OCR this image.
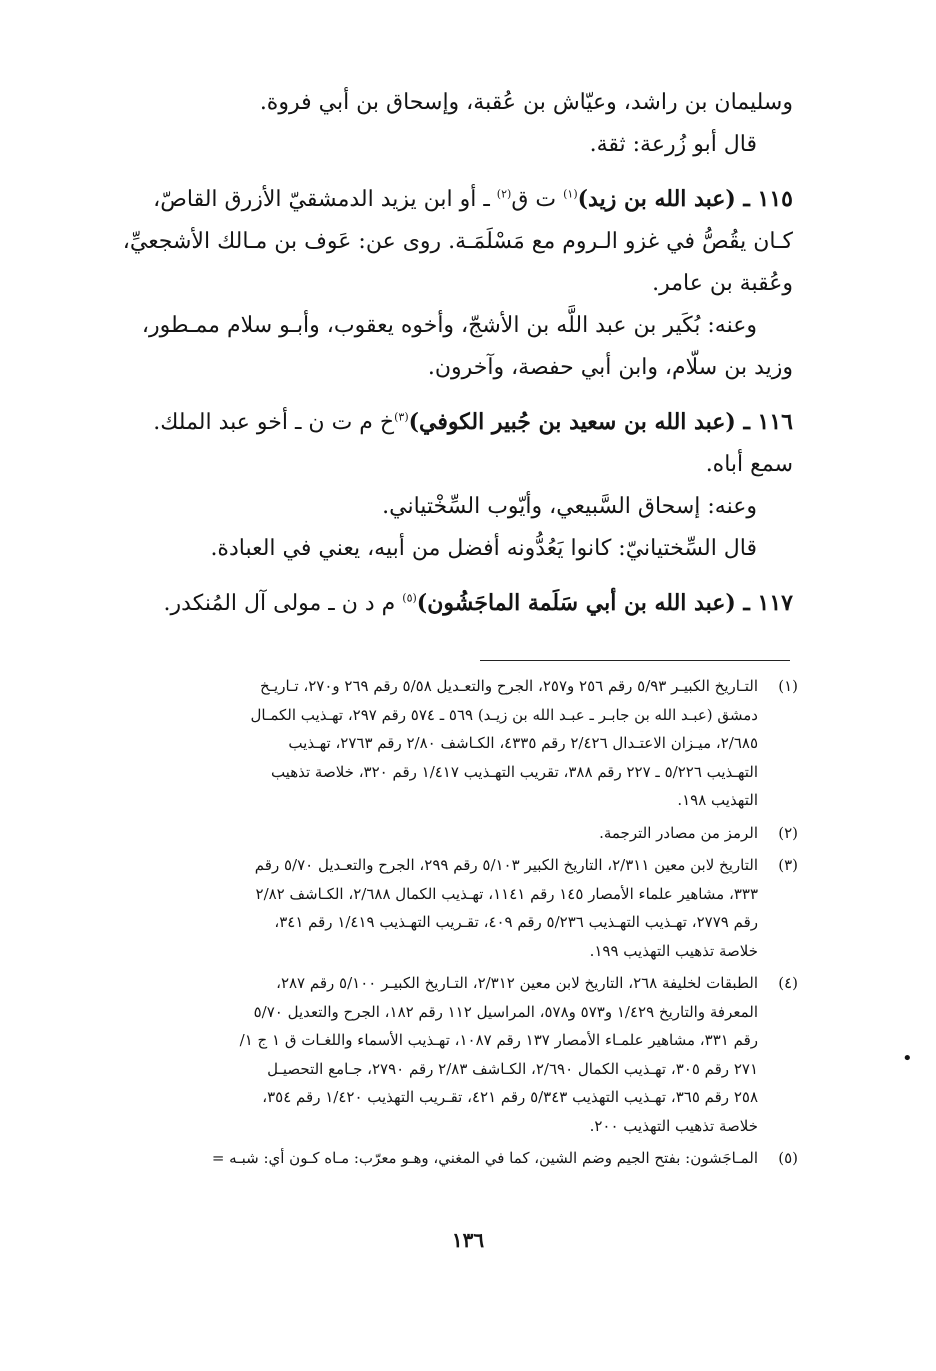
وسليمان بن راشد، وعيّاش بن عُقبة، وإسحاق بن أبي فروة.
قال أبو زُرعة: ثقة.
١١٥ ـ (عبد الله بن زيد)$^{(١)}$ ت ق$^{(٢)}$ ـ أو ابن يزيد الدمشقيّ الأزرق القاصّ،
كـان يقُصُّ في غزو الـروم مع مَسْلَمَـة. روى عن: عَوف بن مـالك الأشجعيِّ،
وعُقبة بن عامر.
وعنه: بُكَير بن عبد اللَّه بن الأشجّ، وأخوه يعقوب، وأبـو سلام ممـطور،
وزيد بن سلّام، وابن أبي حفصة، وآخرون.
١١٦ ـ (عبد الله بن سعيد بن جُبير الكوفي)$^{(٣)}$خ م ت ن ـ أخو عبد الملك.
سمع أباه.
وعنه: إسحاق السَّبيعي، وأيّوب السِّخْتياني.
قال السِّختيانيّ: كانوا يَعُدُّونه أفضل من أبيه، يعني في العبادة.
١١٧ ـ (عبد الله بن أبي سَلَمة الماجَشُون)$^{(٥)}$ م د ن ـ مولى آل المُنكدر.
(١)
التـاريخ الكبيـر ٥/٩٣ رقم ٢٥٦ و٢٥٧، الجرح والتعـديل ٥/٥٨ رقم ٢٦٩ و٢٧٠، تـاريـخ
دمشق (عبـد الله بن جابـر ـ عبـد الله بن زيـد) ٥٦٩ ـ ٥٧٤ رقم ٢٩٧، تهـذيب الكمـال
٢/٦٨٥، ميـزان الاعتـدال ٢/٤٢٦ رقم ٤٣٣٥، الكـاشف ٢/٨٠ رقم ٢٧٦٣، تهـذيب
التهـذيب ٥/٢٢٦ ـ ٢٢٧ رقم ٣٨٨، تقريب التهـذيب ١/٤١٧ رقم ٣٢٠، خلاصة تذهيب
التهذيب ١٩٨.
(٢)
الرمز من مصادر الترجمة.
(٣)
التاريخ لابن معين ٢/٣١١، التاريخ الكبير ٥/١٠٣ رقم ٢٩٩، الجرح والتعـديل ٥/٧٠ رقم
٣٣٣، مشاهير علماء الأمصار ١٤٥ رقم ١١٤١، تهـذيب الكمال ٢/٦٨٨، الكـاشف ٢/٨٢
رقم ٢٧٧٩، تهـذيب التهـذيب ٥/٢٣٦ رقم ٤٠٩، تقـريب التهـذيب ١/٤١٩ رقم ٣٤١،
خلاصة تذهيب التهذيب ١٩٩.
(٤)
الطبقات لخليفة ٢٦٨، التاريخ لابن معين ٢/٣١٢، التـاريخ الكبيـر ٥/١٠٠ رقم ٢٨٧،
المعرفة والتاريخ ١/٤٢٩ و٥٧٣ و٥٧٨، المراسيل ١١٢ رقم ١٨٢، الجرح والتعديل ٥/٧٠
رقم ٣٣١، مشاهير علمـاء الأمصار ١٣٧ رقم ١٠٨٧، تهـذيب الأسماء واللغـات ق ١ ج ١/
٢٧١ رقم ٣٠٥، تهـذيب الكمال ٢/٦٩٠، الكـاشف ٢/٨٣ رقم ٢٧٩٠، جـامع التحصيـل
٢٥٨ رقم ٣٦٥، تهـذيب التهذيب ٥/٣٤٣ رقم ٤٢١، تقـريب التهذيب ١/٤٢٠ رقم ٣٥٤،
خلاصة تذهيب التهذيب ٢٠٠.
(٥)
المـاجَشون: بفتح الجيم وضم الشين، كما في المغني، وهـو معرّب: مـاه كـون أي: شبـه =
•
١٣٦
